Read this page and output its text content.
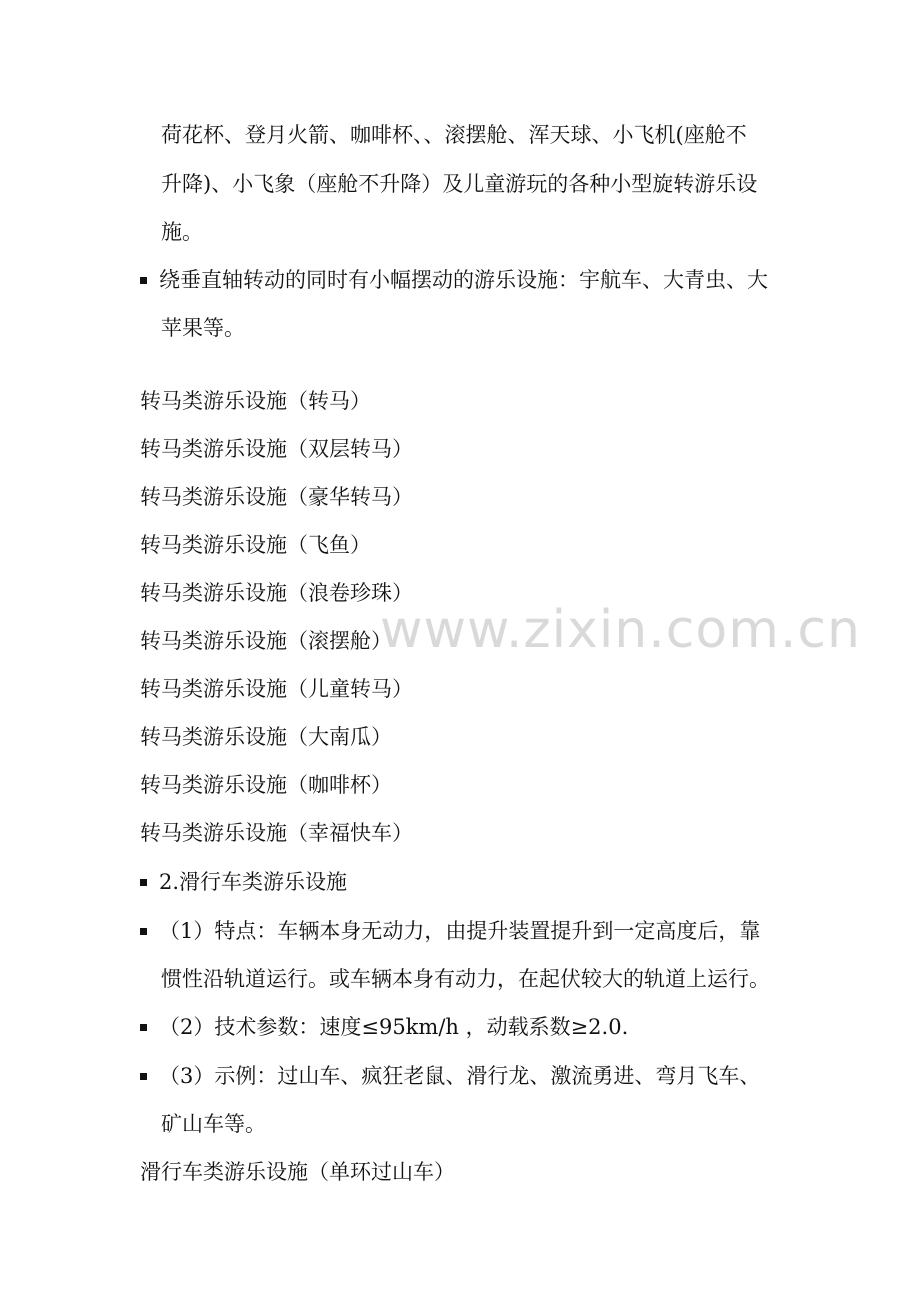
荷花杯、登月火箭、咖啡杯、、滚摆舱、浑天球、小飞机(座舱不
升降)、小飞象（座舱不升降）及儿童游玩的各种小型旋转游乐设
施。
绕垂直轴转动的同时有小幅摆动的游乐设施：宇航车、大青虫、大
苹果等。
转马类游乐设施（转马）
转马类游乐设施（双层转马）
转马类游乐设施（豪华转马）
转马类游乐设施（飞鱼）
转马类游乐设施（浪卷珍珠）
转马类游乐设施（滚摆舱）
转马类游乐设施（儿童转马）
转马类游乐设施（大南瓜）
转马类游乐设施（咖啡杯）
转马类游乐设施（幸福快车）
2.滑行车类游乐设施
（1）特点：车辆本身无动力，由提升装置提升到一定高度后，靠
惯性沿轨道运行。或车辆本身有动力，在起伏较大的轨道上运行。
（2）技术参数：速度≤95km/h ，动载系数≥2.0.
（3）示例：过山车、疯狂老鼠、滑行龙、激流勇进、弯月飞车、
矿山车等。
滑行车类游乐设施（单环过山车）
www.zixin.com.cn
